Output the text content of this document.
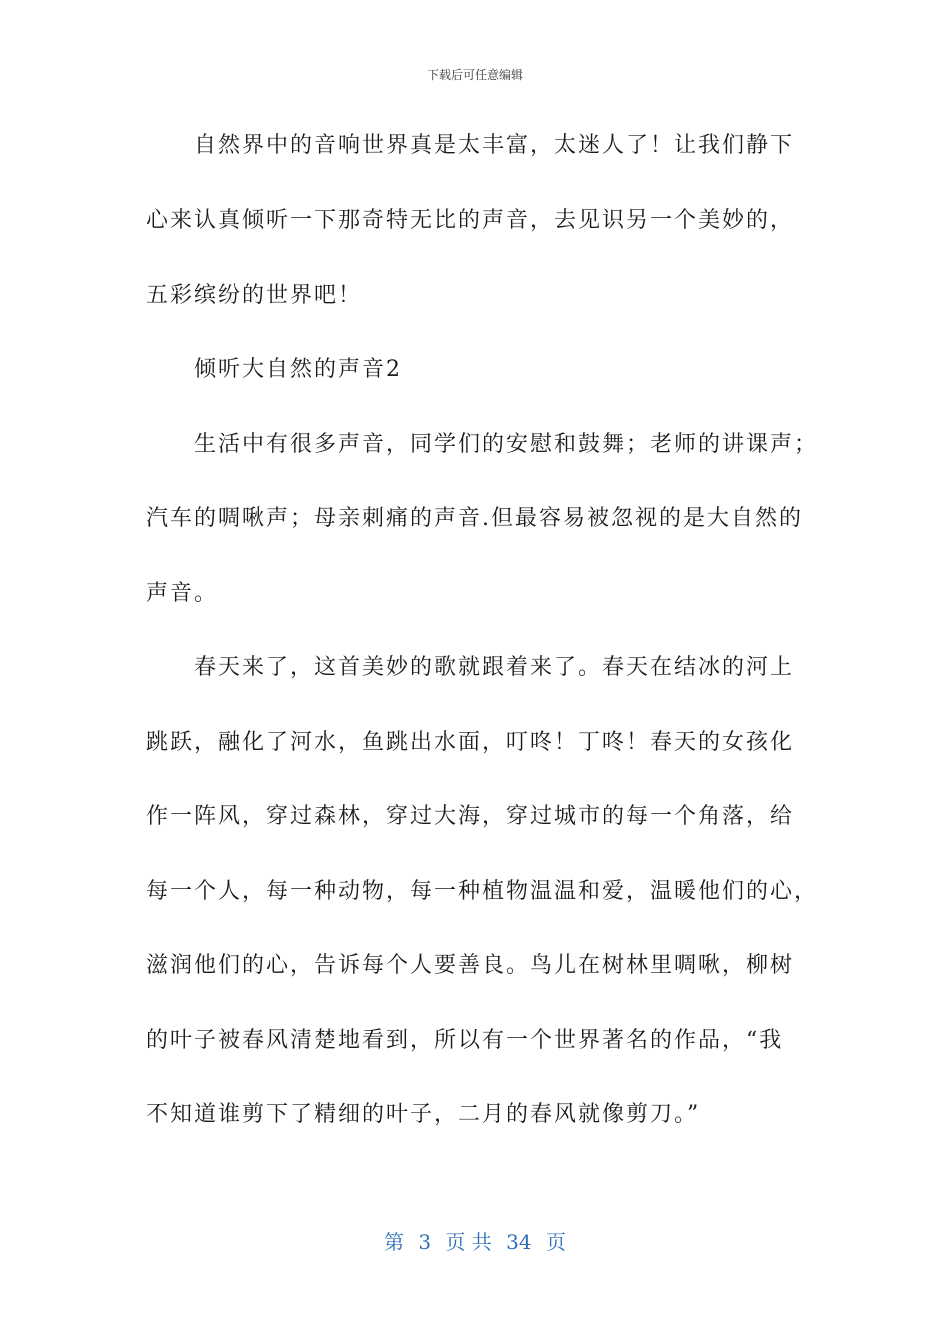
下载后可任意编辑
自然界中的音响世界真是太丰富，太迷人了！让我们静下
心来认真倾听一下那奇特无比的声音，去见识另一个美妙的，
五彩缤纷的世界吧！
倾听大自然的声音2
生活中有很多声音，同学们的安慰和鼓舞；老师的讲课声；
汽车的啁啾声；母亲刺痛的声音.但最容易被忽视的是大自然的
声音。
春天来了，这首美妙的歌就跟着来了。春天在结冰的河上
跳跃，融化了河水，鱼跳出水面，叮咚！丁咚！春天的女孩化
作一阵风，穿过森林，穿过大海，穿过城市的每一个角落，给
每一个人，每一种动物，每一种植物温温和爱，温暖他们的心，
滋润他们的心，告诉每个人要善良。鸟儿在树林里啁啾，柳树
的叶子被春风清楚地看到，所以有一个世界著名的作品，“我
不知道谁剪下了精细的叶子，二月的春风就像剪刀。”
第 3 页 共 34 页
